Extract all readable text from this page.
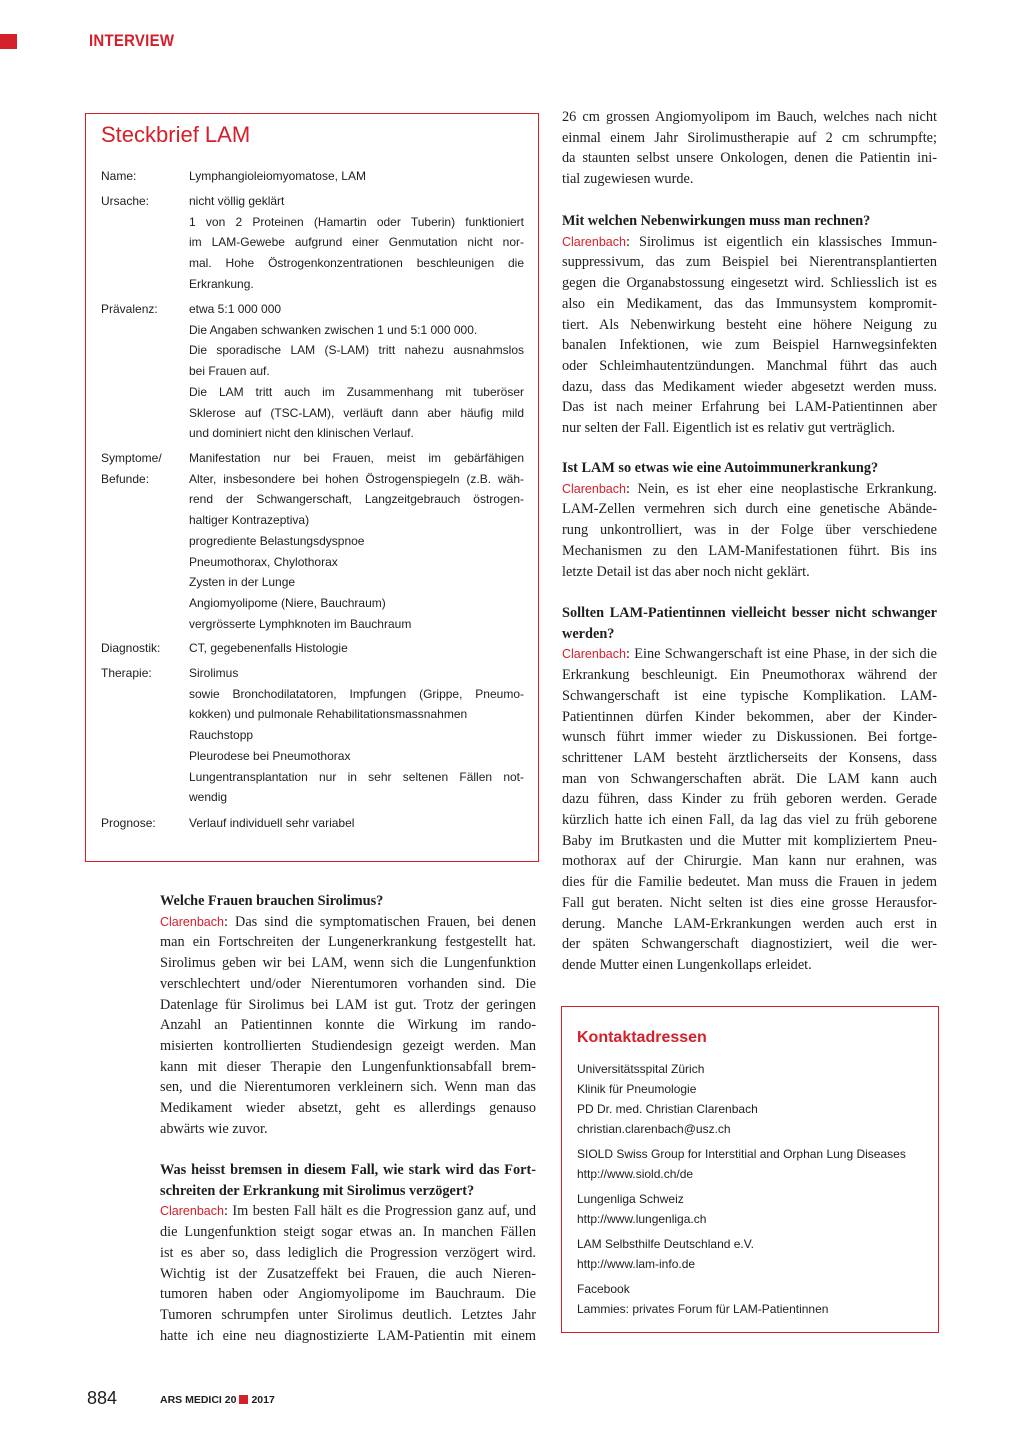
INTERVIEW
Steckbrief LAM
Name:	Lymphangioleiomyomatose, LAM
Ursache:	nicht völlig geklärt
1 von 2 Proteinen (Hamartin oder Tuberin) funktioniert
im LAM-Gewebe aufgrund einer Genmutation nicht nor-
mal. Hohe Östrogenkonzentrationen beschleunigen die
Erkrankung.
Prävalenz:	etwa 5:1 000 000
Die Angaben schwanken zwischen 1 und 5:1 000 000.
Die sporadische LAM (S-LAM) tritt nahezu ausnahmslos
bei Frauen auf.
Die LAM tritt auch im Zusammenhang mit tuberöser
Sklerose auf (TSC-LAM), verläuft dann aber häufig mild
und dominiert nicht den klinischen Verlauf.
Symptome/
Befunde:
Manifestation nur bei Frauen, meist im gebärfähigen
Alter, insbesondere bei hohen Östrogenspiegeln (z.B. wäh-
rend der Schwangerschaft, Langzeitgebrauch östrogen-
haltiger Kontrazeptiva)
progrediente Belastungsdyspnoe
Pneumothorax, Chylothorax
Zysten in der Lunge
Angiomyolipome (Niere, Bauchraum)
vergrösserte Lymphknoten im Bauchraum
Diagnostik:	CT, gegebenenfalls Histologie
Therapie:	Sirolimus
sowie Bronchodilatatoren, Impfungen (Grippe, Pneumo-
kokken) und pulmonale Rehabilitationsmassnahmen
Rauchstopp
Pleurodese bei Pneumothorax
Lungentransplantation nur in sehr seltenen Fällen not-
wendig
Prognose:	Verlauf individuell sehr variabel

Welche Frauen brauchen Sirolimus?

Clarenbach: Das sind die symptomatischen Frauen, bei denen
man ein Fortschreiten der Lungenerkrankung festgestellt hat.
Sirolimus geben wir bei LAM, wenn sich die Lungenfunktion
verschlechtert und/oder Nierentumoren vorhanden sind. Die
Datenlage für Sirolimus bei LAM ist gut. Trotz der geringen
Anzahl an Patientinnen konnte die Wirkung im rando-
misierten kontrollierten Studiendesign gezeigt werden. Man
kann mit dieser Therapie den Lungenfunktionsabfall brem-
sen, und die Nierentumoren verkleinern sich. Wenn man das
Medikament wieder absetzt, geht es allerdings genauso
abwärts wie zuvor.

Was heisst bremsen in diesem Fall, wie stark wird das Fort-
schreiten der Erkrankung mit Sirolimus verzögert?

Clarenbach: Im besten Fall hält es die Progression ganz auf, und
die Lungenfunktion steigt sogar etwas an. In manchen Fällen
ist es aber so, dass lediglich die Progression verzögert wird.
Wichtig ist der Zusatzeffekt bei Frauen, die auch Nieren-
tumoren haben oder Angiomyolipome im Bauchraum. Die
Tumoren schrumpfen unter Sirolimus deutlich. Letztes Jahr
hatte ich eine neu diagnostizierte LAM-Patientin mit einem

26 cm grossen Angiomyolipom im Bauch, welches nach nicht
einmal einem Jahr Sirolimustherapie auf 2 cm schrumpfte;
da staunten selbst unsere Onkologen, denen die Patientin ini-
tial zugewiesen wurde.

Mit welchen Nebenwirkungen muss man rechnen?

Clarenbach: Sirolimus ist eigentlich ein klassisches Immun-
suppressivum, das zum Beispiel bei Nierentransplantierten
gegen die Organabstossung eingesetzt wird. Schliesslich ist es
also ein Medikament, das das Immunsystem kompromit-
tiert. Als Nebenwirkung besteht eine höhere Neigung zu
banalen Infektionen, wie zum Beispiel Harnwegsinfekten
oder Schleimhautentzündungen. Manchmal führt das auch
dazu, dass das Medikament wieder abgesetzt werden muss.
Das ist nach meiner Erfahrung bei LAM-Patientinnen aber
nur selten der Fall. Eigentlich ist es relativ gut verträglich.

Ist LAM so etwas wie eine Autoimmunerkrankung?

Clarenbach: Nein, es ist eher eine neoplastische Erkrankung.
LAM-Zellen vermehren sich durch eine genetische Abände-
rung unkontrolliert, was in der Folge über verschiedene
Mechanismen zu den LAM-Manifestationen führt. Bis ins
letzte Detail ist das aber noch nicht geklärt.

Sollten LAM-Patientinnen vielleicht besser nicht schwanger
werden?

Clarenbach: Eine Schwangerschaft ist eine Phase, in der sich die
Erkrankung beschleunigt. Ein Pneumothorax während der
Schwangerschaft ist eine typische Komplikation. LAM-
Patientinnen dürfen Kinder bekommen, aber der Kinder-
wunsch führt immer wieder zu Diskussionen. Bei fortge-
schrittener LAM besteht ärztlicherseits der Konsens, dass
man von Schwangerschaften abrät. Die LAM kann auch
dazu führen, dass Kinder zu früh geboren werden. Gerade
kürzlich hatte ich einen Fall, da lag das viel zu früh geborene
Baby im Brutkasten und die Mutter mit kompliziertem Pneu-
mothorax auf der Chirurgie. Man kann nur erahnen, was
dies für die Familie bedeutet. Man muss die Frauen in jedem
Fall gut beraten. Nicht selten ist dies eine grosse Herausfor-
derung. Manche LAM-Erkrankungen werden auch erst in
der späten Schwangerschaft diagnostiziert, weil die wer-
dende Mutter einen Lungenkollaps erleidet.

Kontaktadressen
Universitätsspital Zürich
Klinik für Pneumologie
PD Dr. med. Christian Clarenbach
christian.clarenbach@usz.ch
SIOLD Swiss Group for Interstitial and Orphan Lung Diseases
http://www.siold.ch/de
Lungenliga Schweiz
http://www.lungenliga.ch
LAM Selbsthilfe Deutschland e.V.
http://www.lam-info.de
Facebook
Lammies: privates Forum für LAM-Patientinnen
884	ARS MEDICI 20 2017
